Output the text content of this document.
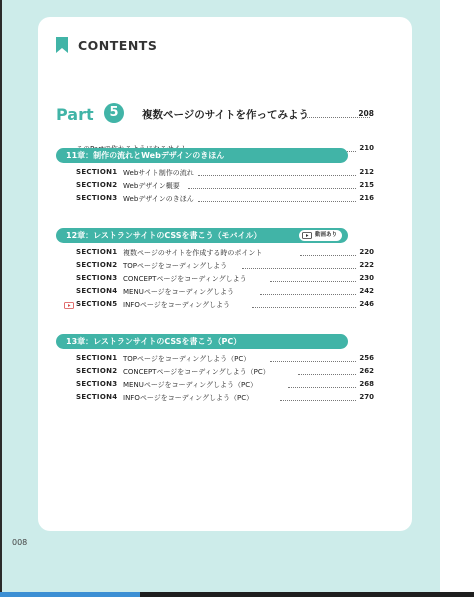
CONTENTS
Part	5	複数ページのサイトを作ってみよう	208
210
11章：制作の流れとWebデザインのきほん
SECTION1 Webサイト制作の流れ	212
SECTION2 Webデザイン概要	215
SECTION3 Webデザインのきほん	216
12章：レストランサイトのCSSを書こう（モバイル）	動画あり
SECTION1 複数ページのサイトを作成する時のポイント	220
SECTION2 TOPページをコーディングしよう	222
SECTION3 CONCEPTページをコーディングしよう	230
SECTION4 MENUページをコーディングしよう	242
SECTION5 INFOページをコーディングしよう	246
13章：レストランサイトのCSSを書こう（PC）
SECTION1 TOPページをコーディングしよう（PC）	256
SECTION2 CONCEPTページをコーディングしよう（PC）	262
SECTION3 MENUページをコーディングしよう（PC）	268
SECTION4 INFOページをコーディングしよう（PC）	270
008
